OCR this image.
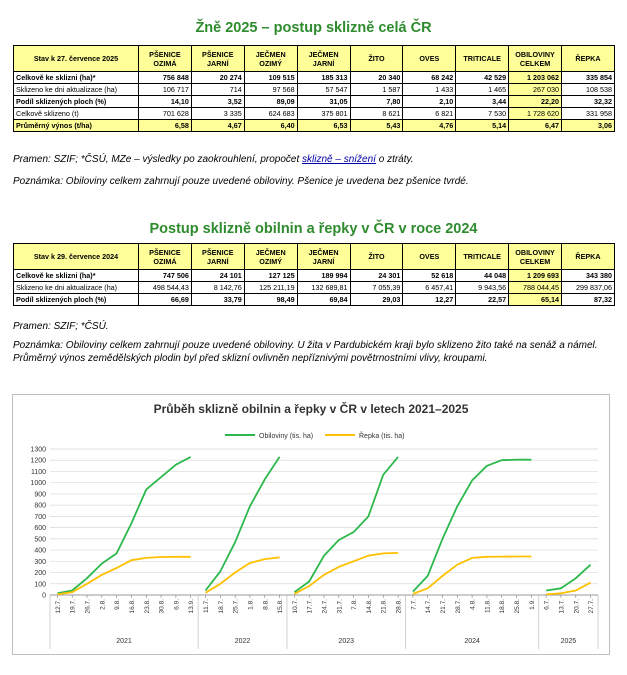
Žně 2025 – postup sklizně celá ČR
Stav k 27. července 2025	PŠENICE OZIMÁ	PŠENICE JARNÍ	JEČMEN OZIMÝ	JEČMEN JARNÍ	ŽITO	OVES	TRITICALE	OBILOVINY CELKEM	ŘEPKA
Celkově ke sklizni (ha)*	756 848	20 274	109 515	185 313	20 340	68 242	42 529	1 203 062	335 854
Sklizeno ke dni aktualizace (ha)	106 717	714	97 568	57 547	1 587	1 433	1 465	267 030	108 538
Podíl sklizených ploch (%)	14,10	3,52	89,09	31,05	7,80	2,10	3,44	22,20	32,32
Celkově sklizeno (t)	701 628	3 335	624 683	375 801	8 621	6 821	7 530	1 728 620	331 958
Průměrný výnos (t/ha)	6,58	4,67	6,40	6,53	5,43	4,76	5,14	6,47	3,06
Pramen: SZIF; *ČSÚ, MZe – výsledky po zaokrouhlení, propočet sklizně – snížení o ztráty.
Poznámka: Obiloviny celkem zahrnují pouze uvedené obiloviny. Pšenice je uvedena bez pšenice tvrdé.
Postup sklizně obilnin a řepky v ČR v roce 2024
Stav k 29. července 2024	PŠENICE OZIMÁ	PŠENICE JARNÍ	JEČMEN OZIMÝ	JEČMEN JARNÍ	ŽITO	OVES	TRITICALE	OBILOVINY CELKEM	ŘEPKA
Celkově ke sklizni (ha)*	747 506	24 101	127 125	189 994	24 301	52 618	44 048	1 209 693	343 380
Sklizeno ke dni aktualizace (ha)	498 544,43	8 142,76	125 211,19	132 689,81	7 055,39	6 457,41	9 943,56	788 044,45	299 837,06
Podíl sklizených ploch (%)	66,69	33,79	98,49	69,84	29,03	12,27	22,57	65,14	87,32
Pramen: SZIF; *ČSÚ.
Poznámka: Obiloviny celkem zahrnují pouze uvedené obiloviny. U žita v Pardubickém kraji bylo sklizeno žito také na senáž a námel. Průměrný výnos zemědělských plodin byl před sklizní ovlivněn nepříznivými povětrnostními vlivy, kroupami.
Průběh sklizně obilnin a řepky v ČR v letech 2021–2025
Obiloviny (tis. ha)	Řepka (tis. ha)
0
100
200
300
400
500
600
700
800
900
1000
1100
1200
1300
12.7. 19.7. 26.7. 2.8. 9.8. 16.8. 23.8. 30.8. 6.9. 13.9.
2021
11.7. 18.7. 25.7. 1.8. 8.8. 15.8.
2022
10.7. 17.7. 24.7. 31.7. 7.8. 14.8. 21.8. 28.8.
2023
7.7. 14.7. 21.7. 28.7. 4.8. 11.8. 18.8. 25.8. 1.9.
2024
6.7. 13.7. 20.7. 27.7.
2025
